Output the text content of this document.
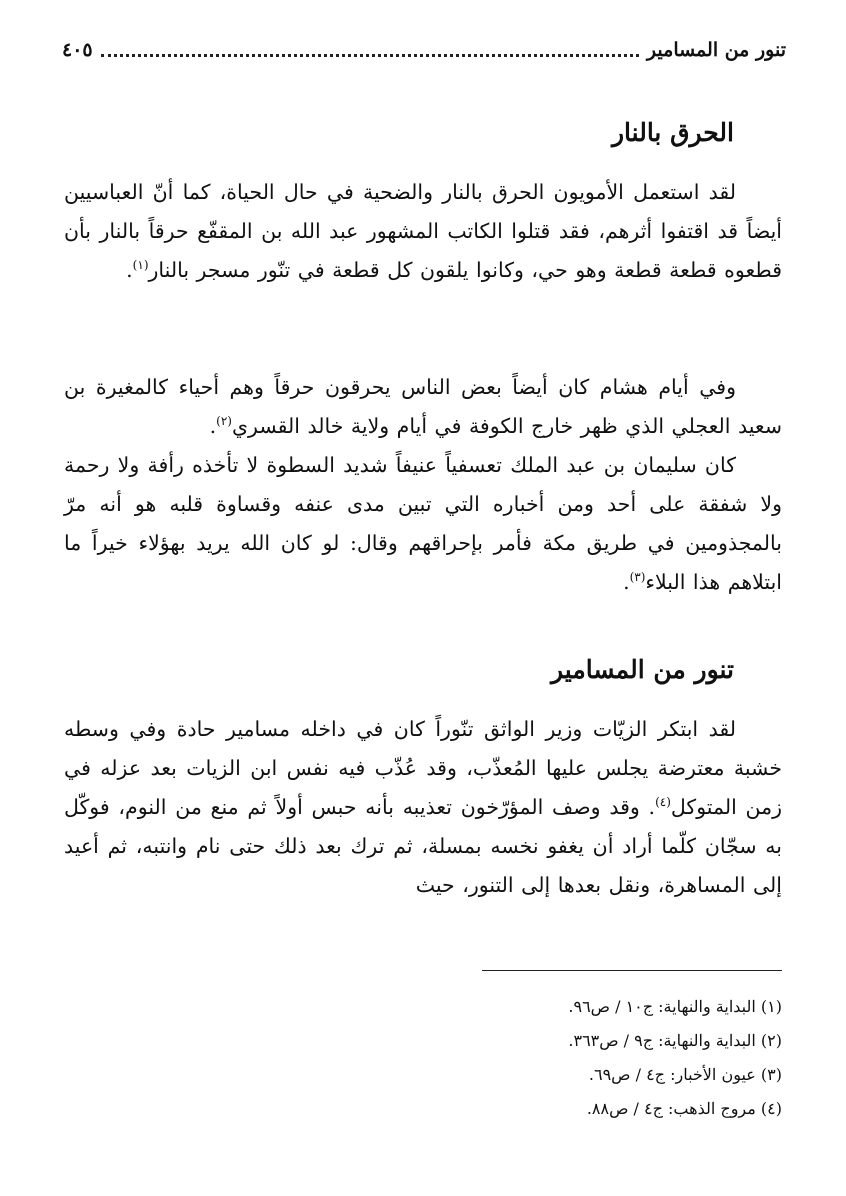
تنور من المسامير
٤٠٥
الحرق بالنار

لقد استعمل الأمويون الحرق بالنار والضحية في حال الحياة، كما أنّ العباسيين أيضاً قد اقتفوا أثرهم، فقد قتلوا الكاتب المشهور عبد الله بن المقفّع حرقاً بالنار بأن قطعوه قطعة قطعة وهو حي، وكانوا يلقون كل قطعة في تنّور مسجر بالنار$^{(١)}$.

وفي أيام هشام كان أيضاً بعض الناس يحرقون حرقاً وهم أحياء كالمغيرة بن سعيد العجلي الذي ظهر خارج الكوفة في أيام ولاية خالد القسري$^{(٢)}$.

كان سليمان بن عبد الملك تعسفياً عنيفاً شديد السطوة لا تأخذه رأفة ولا رحمة ولا شفقة على أحد ومن أخباره التي تبين مدى عنفه وقساوة قلبه هو أنه مرّ بالمجذومين في طريق مكة فأمر بإحراقهم وقال: لو كان الله يريد بهؤلاء خيراً ما ابتلاهم هذا البلاء$^{(٣)}$.

تنور من المسامير

لقد ابتكر الزيّات وزير الواثق تنّوراً كان في داخله مسامير حادة وفي وسطه خشبة معترضة يجلس عليها المُعذّب، وقد عُذّب فيه نفس ابن الزيات بعد عزله في زمن المتوكل$^{(٤)}$. وقد وصف المؤرّخون تعذيبه بأنه حبس أولاً ثم منع من النوم، فوكّل به سجّان كلّما أراد أن يغفو نخسه بمسلة، ثم ترك بعد ذلك حتى نام وانتبه، ثم أعيد إلى المساهرة، ونقل بعدها إلى التنور، حيث

(١) البداية والنهاية: ج١٠ / ص٩٦.
(٢) البداية والنهاية: ج٩ / ص٣٦٣.
(٣) عيون الأخبار: ج٤ / ص٦٩.
(٤) مروج الذهب: ج٤ / ص٨٨.
